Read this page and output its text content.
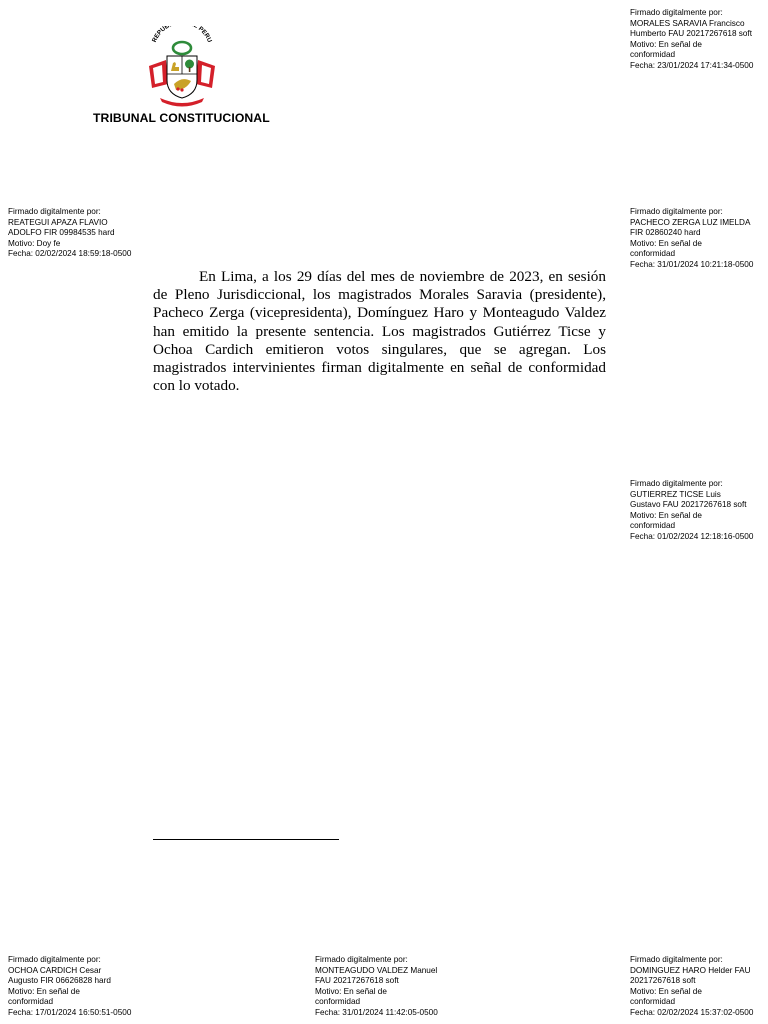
REPUB PERU
TRIBUNAL CONSTITUCIONAL
Firmado digitalmente por:
MORALES SARAVIA Francisco
Humberto FAU 20217267618 soft
Motivo: En señal de
conformidad
Fecha: 23/01/2024 17:41:34-0500
Firmado digitalmente por:
REATEGUI APAZA FLAVIO
ADOLFO FIR 09984535 hard
Motivo: Doy fe
Fecha: 02/02/2024 18:59:18-0500
Firmado digitalmente por:
PACHECO ZERGA LUZ IMELDA
FIR 02860240 hard
Motivo: En señal de
conformidad
Fecha: 31/01/2024 10:21:18-0500
Firmado digitalmente por:
GUTIERREZ TICSE Luis
Gustavo FAU 20217267618 soft
Motivo: En señal de
conformidad
Fecha: 01/02/2024 12:18:16-0500
Firmado digitalmente por:
OCHOA CARDICH Cesar
Augusto FIR 06626828 hard
Motivo: En señal de
conformidad
Fecha: 17/01/2024 16:50:51-0500
Firmado digitalmente por:
MONTEAGUDO VALDEZ Manuel
FAU 20217267618 soft
Motivo: En señal de
conformidad
Fecha: 31/01/2024 11:42:05-0500
Firmado digitalmente por:
DOMINGUEZ HARO Helder FAU
20217267618 soft
Motivo: En señal de
conformidad
Fecha: 02/02/2024 15:37:02-0500

En Lima, a los 29 días del mes de noviembre de 2023, en sesión de Pleno Jurisdiccional, los magistrados Morales Saravia (presidente), Pacheco Zerga (vicepresidenta), Domínguez Haro y Monteagudo Valdez han emitido la presente sentencia. Los magistrados Gutiérrez Ticse y Ochoa Cardich emitieron votos singulares, que se agregan. Los magistrados intervinientes firman digitalmente en señal de conformidad con lo votado.
